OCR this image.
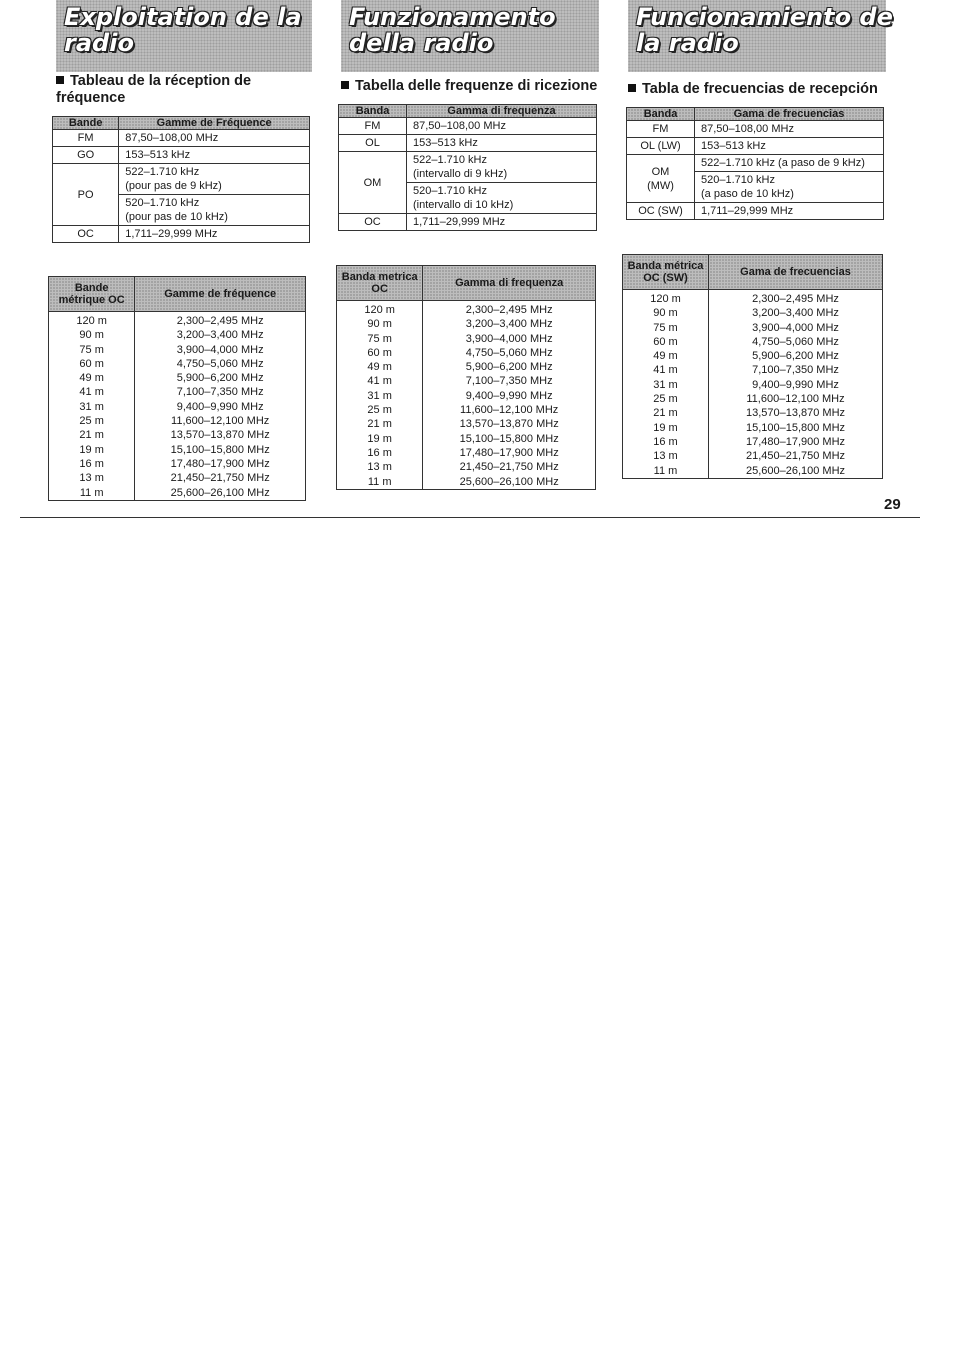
Exploitation de la radio
Tableau de la réception de fréquence
Bande	Gamme de Fréquence
FM	87,50–108,00 MHz
GO	153–513 kHz
PO	522–1.710 kHz
(pour pas de 9 kHz)
	520–1.710 kHz
(pour pas de 10 kHz)
OC	1,711–29,999 MHz
Bande métrique OC	Gamme de fréquence
120 m	2,300–2,495 MHz
90 m	3,200–3,400 MHz
75 m	3,900–4,000 MHz
60 m	4,750–5,060 MHz
49 m	5,900–6,200 MHz
41 m	7,100–7,350 MHz
31 m	9,400–9,990 MHz
25 m	11,600–12,100 MHz
21 m	13,570–13,870 MHz
19 m	15,100–15,800 MHz
16 m	17,480–17,900 MHz
13 m	21,450–21,750 MHz
11 m	25,600–26,100 MHz
Funzionamento della radio
Tabella delle frequenze di ricezione
Banda	Gamma di frequenza
FM	87,50–108,00 MHz
OL	153–513 kHz
OM	522–1.710 kHz
(intervallo di 9 kHz)
	520–1.710 kHz
(intervallo di 10 kHz)
OC	1,711–29,999 MHz
Banda metrica OC	Gamma di frequenza
120 m	2,300–2,495 MHz
90 m	3,200–3,400 MHz
75 m	3,900–4,000 MHz
60 m	4,750–5,060 MHz
49 m	5,900–6,200 MHz
41 m	7,100–7,350 MHz
31 m	9,400–9,990 MHz
25 m	11,600–12,100 MHz
21 m	13,570–13,870 MHz
19 m	15,100–15,800 MHz
16 m	17,480–17,900 MHz
13 m	21,450–21,750 MHz
11 m	25,600–26,100 MHz
Funcionamiento de la radio
Tabla de frecuencias de recepción
Banda	Gama de frecuencias
FM	87,50–108,00 MHz
OL (LW)	153–513 kHz
OM
(MW)	522–1.710 kHz (a paso de 9 kHz)
	520–1.710 kHz
(a paso de 10 kHz)
OC (SW)	1,711–29,999 MHz
Banda métrica OC (SW)	Gama de frecuencias
120 m	2,300–2,495 MHz
90 m	3,200–3,400 MHz
75 m	3,900–4,000 MHz
60 m	4,750–5,060 MHz
49 m	5,900–6,200 MHz
41 m	7,100–7,350 MHz
31 m	9,400–9,990 MHz
25 m	11,600–12,100 MHz
21 m	13,570–13,870 MHz
19 m	15,100–15,800 MHz
16 m	17,480–17,900 MHz
13 m	21,450–21,750 MHz
11 m	25,600–26,100 MHz
29
